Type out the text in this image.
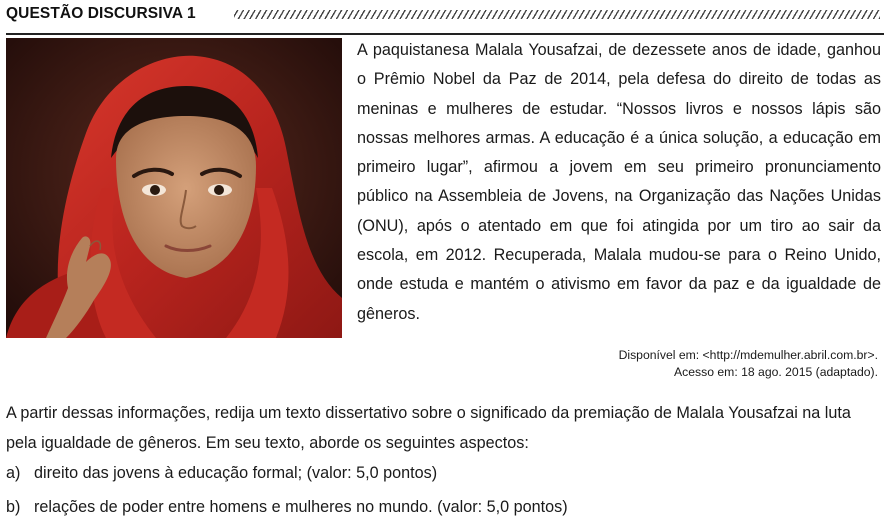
QUESTÃO DISCURSIVA 1
A paquistanesa Malala Yousafzai, de dezessete anos de idade, ganhou o Prêmio Nobel da Paz de 2014, pela defesa do direito de todas as meninas e mulheres de estudar. “Nossos livros e nossos lápis são nossas melhores armas. A educação é a única solução, a educação em primeiro lugar”, afirmou a jovem em seu primeiro pronunciamento público na Assembleia de Jovens, na Organização das Nações Unidas (ONU), após o atentado em que foi atingida por um tiro ao sair da escola, em 2012. Recuperada, Malala mudou-se para o Reino Unido, onde estuda e mantém o ativismo em favor da paz e da igualdade de gêneros.
Disponível em: <http://mdemulher.abril.com.br>.
Acesso em: 18 ago. 2015 (adaptado).
A partir dessas informações, redija um texto dissertativo sobre o significado da premiação de Malala Yousafzai na luta pela igualdade de gêneros. Em seu texto, aborde os seguintes aspectos:
a) direito das jovens à educação formal; (valor: 5,0 pontos)
b) relações de poder entre homens e mulheres no mundo. (valor: 5,0 pontos)
